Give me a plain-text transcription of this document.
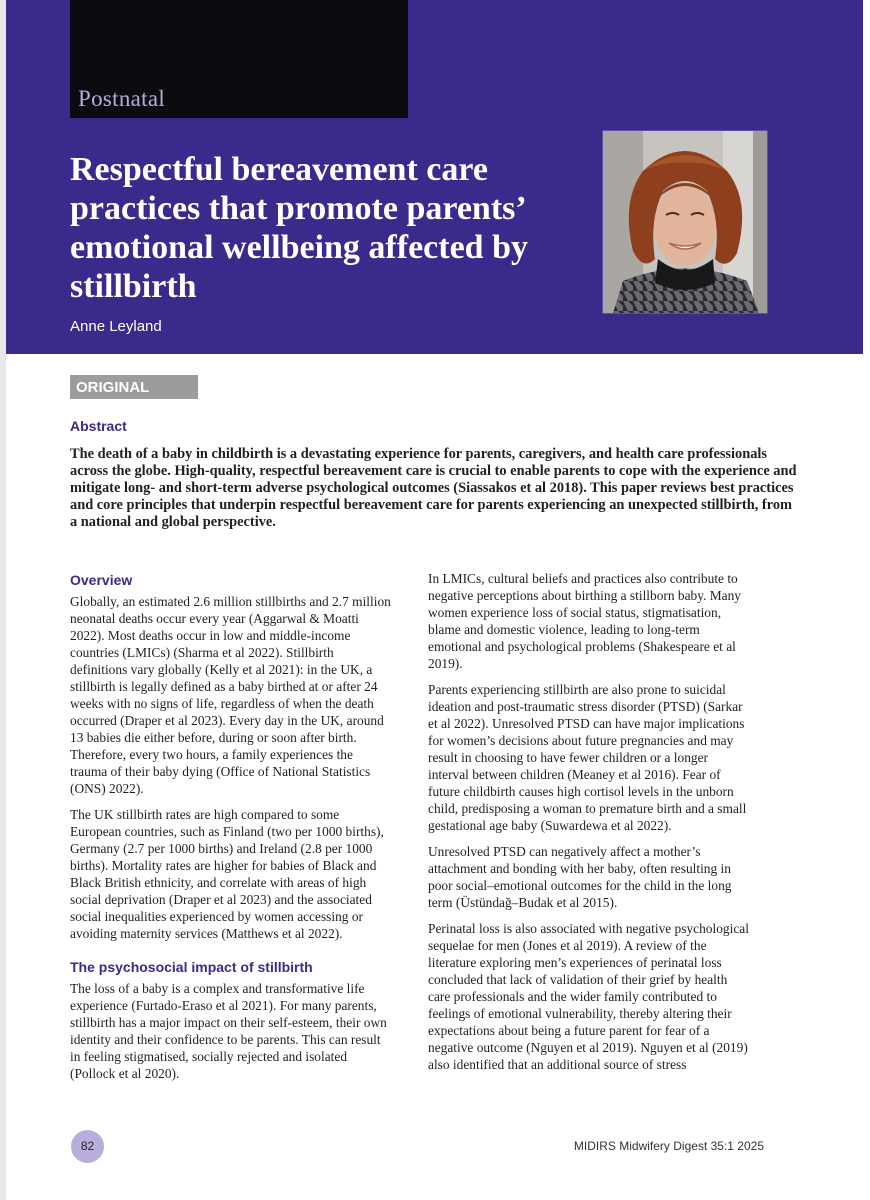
Postnatal
Respectful bereavement care practices that promote parents’ emotional wellbeing affected by stillbirth
Anne Leyland
ORIGINAL
Abstract

The death of a baby in childbirth is a devastating experience for parents, caregivers, and health care professionals across the globe. High-quality, respectful bereavement care is crucial to enable parents to cope with the experience and mitigate long- and short-term adverse psychological outcomes (Siassakos et al 2018). This paper reviews best practices and core principles that underpin respectful bereavement care for parents experiencing an unexpected stillbirth, from a national and global perspective.

Overview

Globally, an estimated 2.6 million stillbirths and 2.7 million neonatal deaths occur every year (Aggarwal & Moatti 2022). Most deaths occur in low and middle-income countries (LMICs) (Sharma et al 2022). Stillbirth definitions vary globally (Kelly et al 2021): in the UK, a stillbirth is legally defined as a baby birthed at or after 24 weeks with no signs of life, regardless of when the death occurred (Draper et al 2023). Every day in the UK, around 13 babies die either before, during or soon after birth. Therefore, every two hours, a family experiences the trauma of their baby dying (Office of National Statistics (ONS) 2022).

The UK stillbirth rates are high compared to some European countries, such as Finland (two per 1000 births), Germany (2.7 per 1000 births) and Ireland (2.8 per 1000 births). Mortality rates are higher for babies of Black and Black British ethnicity, and correlate with areas of high social deprivation (Draper et al 2023) and the associated social inequalities experienced by women accessing or avoiding maternity services (Matthews et al 2022).

The psychosocial impact of stillbirth

The loss of a baby is a complex and transformative life experience (Furtado-Eraso et al 2021). For many parents, stillbirth has a major impact on their self-esteem, their own identity and their confidence to be parents. This can result in feeling stigmatised, socially rejected and isolated (Pollock et al 2020).

In LMICs, cultural beliefs and practices also contribute to negative perceptions about birthing a stillborn baby. Many women experience loss of social status, stigmatisation, blame and domestic violence, leading to long-term emotional and psychological problems (Shakespeare et al 2019).

Parents experiencing stillbirth are also prone to suicidal ideation and post-traumatic stress disorder (PTSD) (Sarkar et al 2022). Unresolved PTSD can have major implications for women’s decisions about future pregnancies and may result in choosing to have fewer children or a longer interval between children (Meaney et al 2016). Fear of future childbirth causes high cortisol levels in the unborn child, predisposing a woman to premature birth and a small gestational age baby (Suwardewa et al 2022).

Unresolved PTSD can negatively affect a mother’s attachment and bonding with her baby, often resulting in poor social–emotional outcomes for the child in the long term (Üstündağ–Budak et al 2015).

Perinatal loss is also associated with negative psychological sequelae for men (Jones et al 2019). A review of the literature exploring men’s experiences of perinatal loss concluded that lack of validation of their grief by health care professionals and the wider family contributed to feelings of emotional vulnerability, thereby altering their expectations about being a future parent for fear of a negative outcome (Nguyen et al 2019). Nguyen et al (2019) also identified that an additional source of stress

82	MIDIRS Midwifery Digest 35:1 2025
